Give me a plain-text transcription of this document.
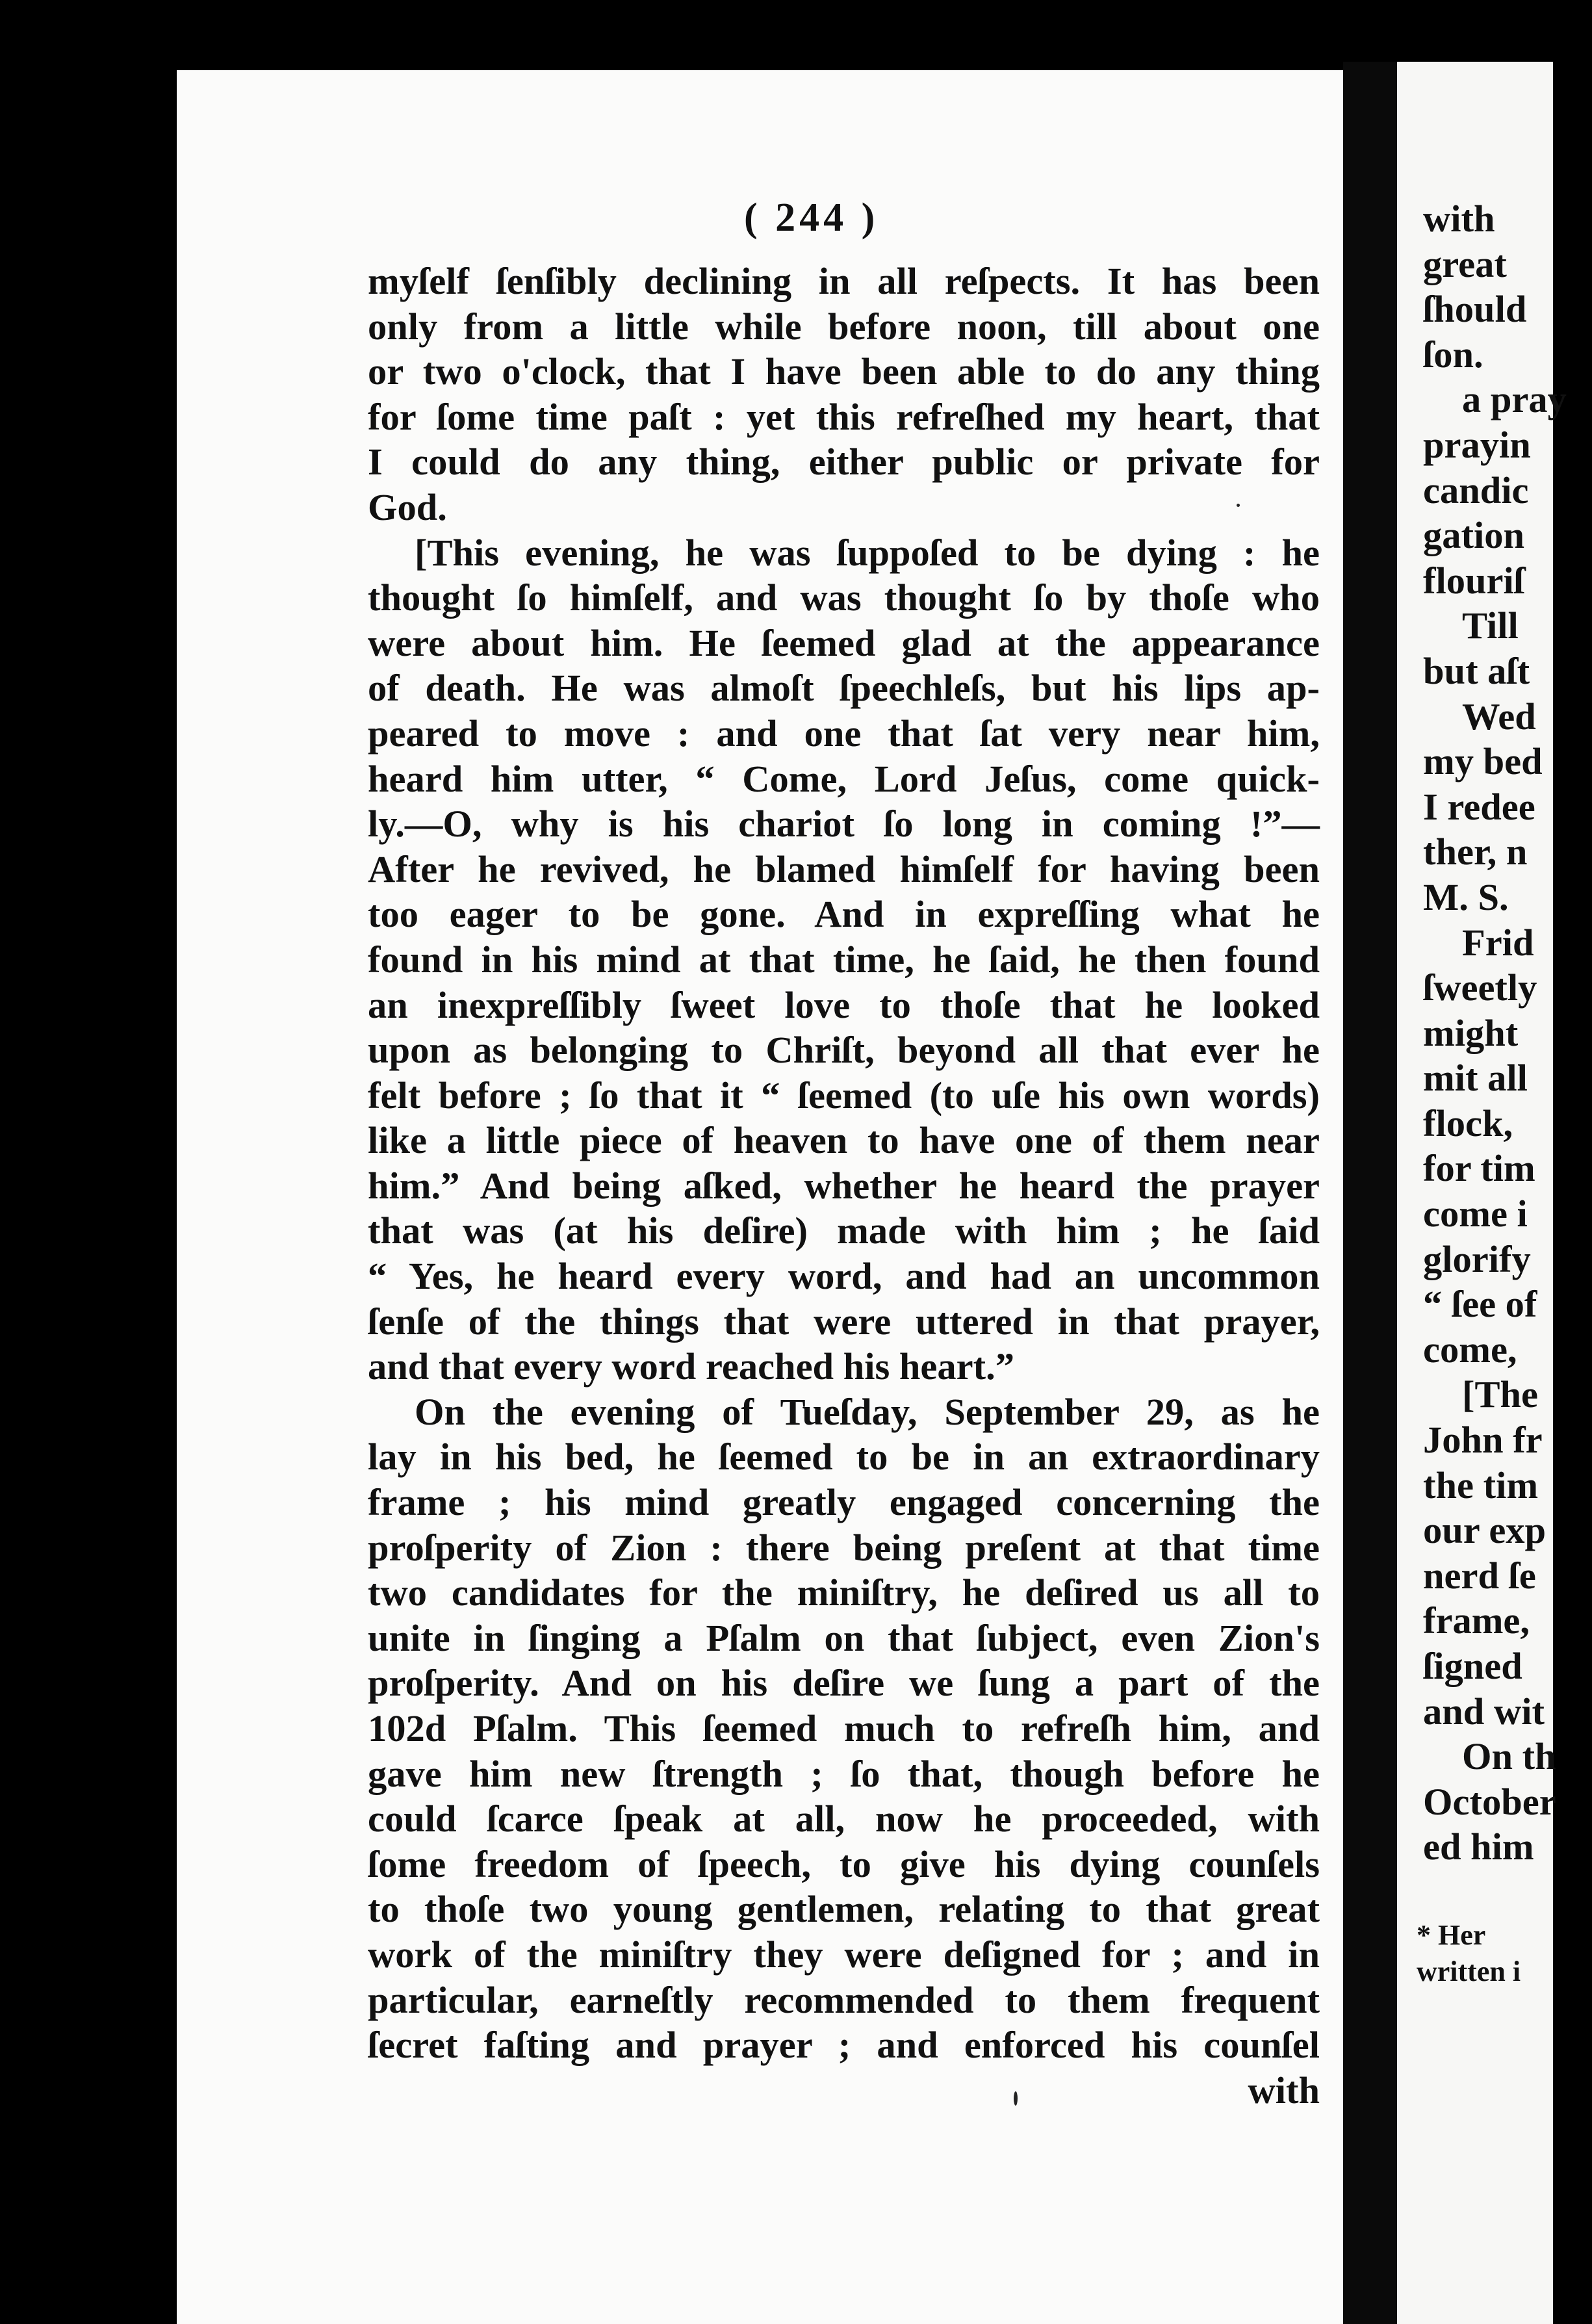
( 244 )
myſelf ſenſibly declining in all reſpects. It has been
only from a little while before noon, till about one
or two o'clock, that I have been able to do any thing
for ſome time paſt : yet this refreſhed my heart, that
I could do any thing, either public or private for
God.
[This evening, he was ſuppoſed to be dying : he
thought ſo himſelf, and was thought ſo by thoſe who
were about him. He ſeemed glad at the appearance
of death. He was almoſt ſpeechleſs, but his lips ap-
peared to move : and one that ſat very near him,
heard him utter, “ Come, Lord Jeſus, come quick-
ly.—O, why is his chariot ſo long in coming !”—
After he revived, he blamed himſelf for having been
too eager to be gone. And in expreſſing what he
found in his mind at that time, he ſaid, he then found
an inexpreſſibly ſweet love to thoſe that he looked
upon as belonging to Chriſt, beyond all that ever he
felt before ; ſo that it “ ſeemed (to uſe his own words)
like a little piece of heaven to have one of them near
him.” And being aſked, whether he heard the prayer
that was (at his deſire) made with him ; he ſaid
“ Yes, he heard every word, and had an uncommon
ſenſe of the things that were uttered in that prayer,
and that every word reached his heart.”
On the evening of Tueſday, September 29, as he
lay in his bed, he ſeemed to be in an extraordinary
frame ; his mind greatly engaged concerning the
proſperity of Zion : there being preſent at that time
two candidates for the miniſtry, he deſired us all to
unite in ſinging a Pſalm on that ſubject, even Zion's
proſperity. And on his deſire we ſung a part of the
102d Pſalm. This ſeemed much to refreſh him, and
gave him new ſtrength ; ſo that, though before he
could ſcarce ſpeak at all, now he proceeded, with
ſome freedom of ſpeech, to give his dying counſels
to thoſe two young gentlemen, relating to that great
work of the miniſtry they were deſigned for ; and in
particular, earneſtly recommended to them frequent
ſecret faſting and prayer ; and enforced his counſel
with
with
great
ſhould
ſon.
a pray
prayin
candic
gation
flouriſ
Till
but aſt
Wed
my bed
I redee
ther, n
M. S.
Frid
ſweetly
might
mit all
flock,
for tim
come i
glorify
“ ſee of
come,
[The
John fr
the tim
our exp
nerd ſe
frame,
ſigned
and wit
On th
October
ed him
* Her
written i
